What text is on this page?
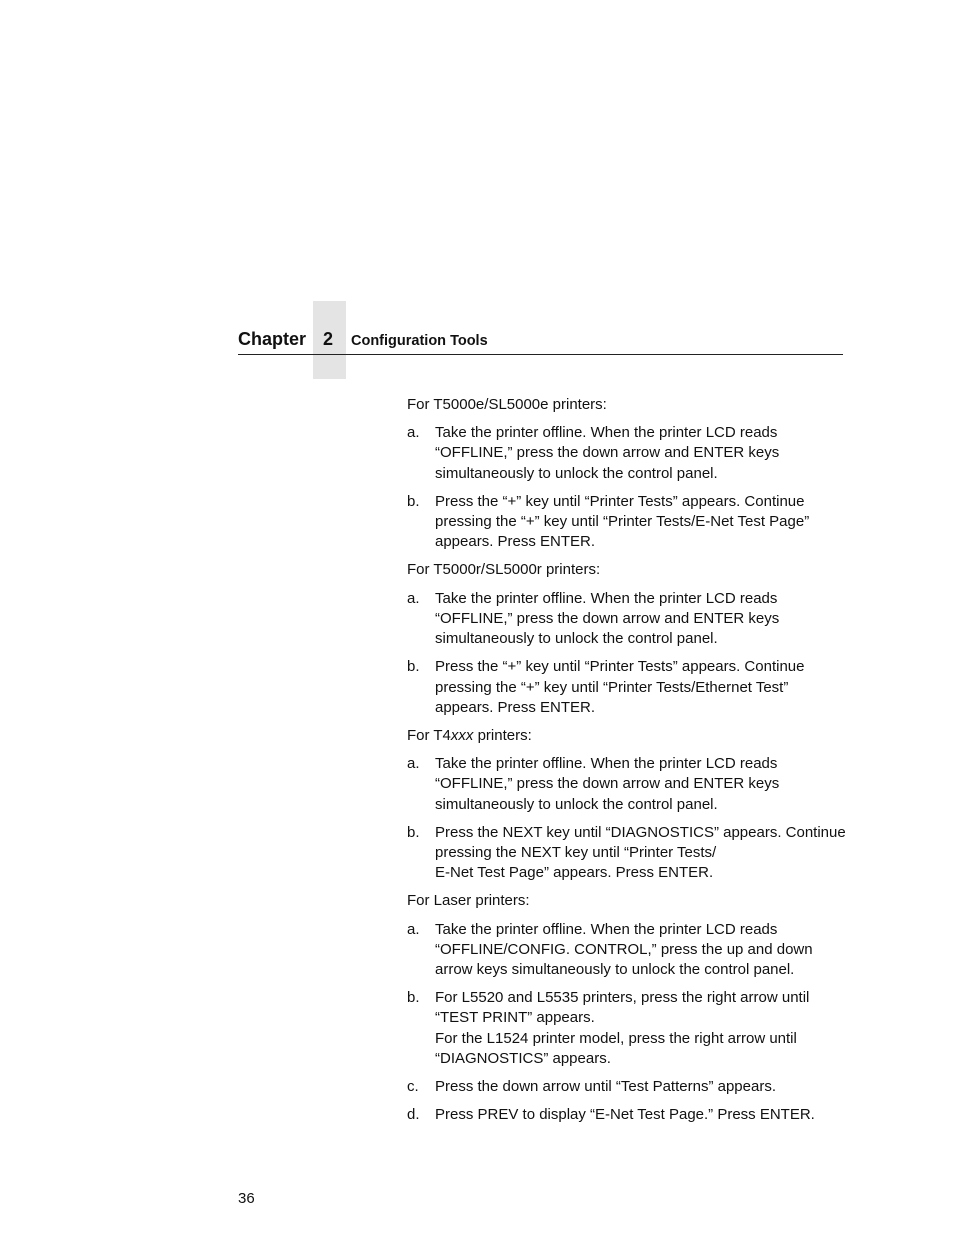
Chapter 2	Configuration Tools

For T5000e/SL5000e printers:

a.	Take the printer offline. When the printer LCD reads “OFFLINE,” press the down arrow and ENTER keys simultaneously to unlock the control panel.
b.	Press the “+” key until “Printer Tests” appears. Continue pressing the “+” key until “Printer Tests/E-Net Test Page” appears. Press ENTER.

For T5000r/SL5000r printers:

a.	Take the printer offline. When the printer LCD reads “OFFLINE,” press the down arrow and ENTER keys simultaneously to unlock the control panel.
b.	Press the “+” key until “Printer Tests” appears. Continue pressing the “+” key until “Printer Tests/Ethernet Test” appears. Press ENTER.

For T4xxx printers:

a.	Take the printer offline. When the printer LCD reads “OFFLINE,” press the down arrow and ENTER keys simultaneously to unlock the control panel.
b.	Press the NEXT key until “DIAGNOSTICS” appears. Continue pressing the NEXT key until “Printer Tests/
E-Net Test Page” appears. Press ENTER.

For Laser printers:

a.	Take the printer offline. When the printer LCD reads “OFFLINE/CONFIG. CONTROL,” press the up and down arrow keys simultaneously to unlock the control panel.
b.	For L5520 and L5535 printers, press the right arrow until “TEST PRINT” appears.
For the L1524 printer model, press the right arrow until “DIAGNOSTICS” appears.
c.	Press the down arrow until “Test Patterns” appears.
d.	Press PREV to display “E-Net Test Page.” Press ENTER.
36
